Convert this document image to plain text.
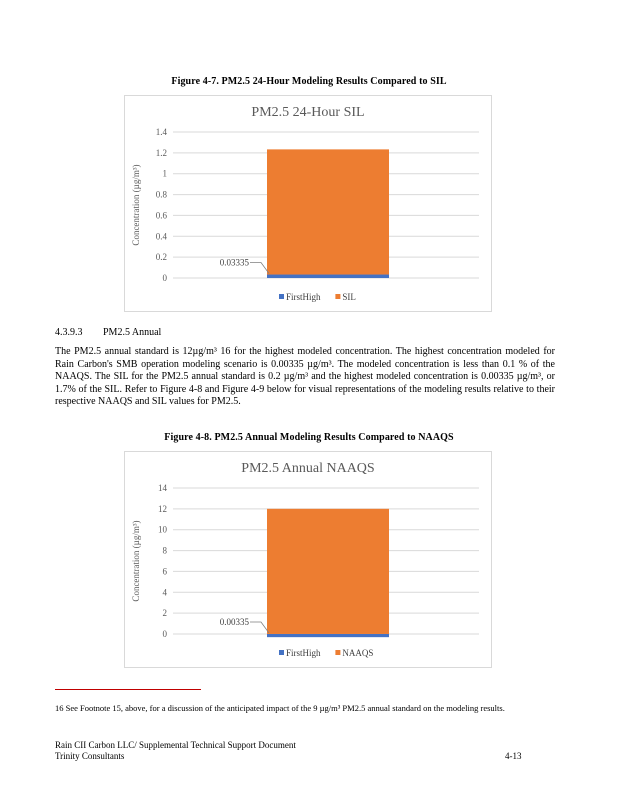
Figure 4-7. PM2.5 24-Hour Modeling Results Compared to SIL
PM2.5 24-Hour SIL
Concentration (µg/m³)
0
0.2
0.4
0.6
0.8
1
1.2
1.4
0.03335
FirstHigh SIL
4.3.9.3 PM2.5 Annual

The PM2.5 annual standard is 12µg/m³ 16 for the highest modeled concentration. The highest concentration modeled for Rain Carbon's SMB operation modeling scenario is 0.00335 µg/m³. The modeled concentration is less than 0.1 % of the NAAQS. The SIL for the PM2.5 annual standard is 0.2 µg/m³ and the highest modeled concentration is 0.00335 µg/m³, or 1.7% of the SIL. Refer to Figure 4-8 and Figure 4-9 below for visual representations of the modeling results relative to their respective NAAQS and SIL values for PM2.5.

Figure 4-8. PM2.5 Annual Modeling Results Compared to NAAQS
PM2.5 Annual NAAQS
Concentration (µg/m³)
0
2
4
6
8
10
12
14
0.00335
FirstHigh NAAQS
16 See Footnote 15, above, for a discussion of the anticipated impact of the 9 µg/m³ PM2.5 annual standard on the modeling results.
Rain CII Carbon LLC/ Supplemental Technical Support Document
Trinity Consultants	4-13
